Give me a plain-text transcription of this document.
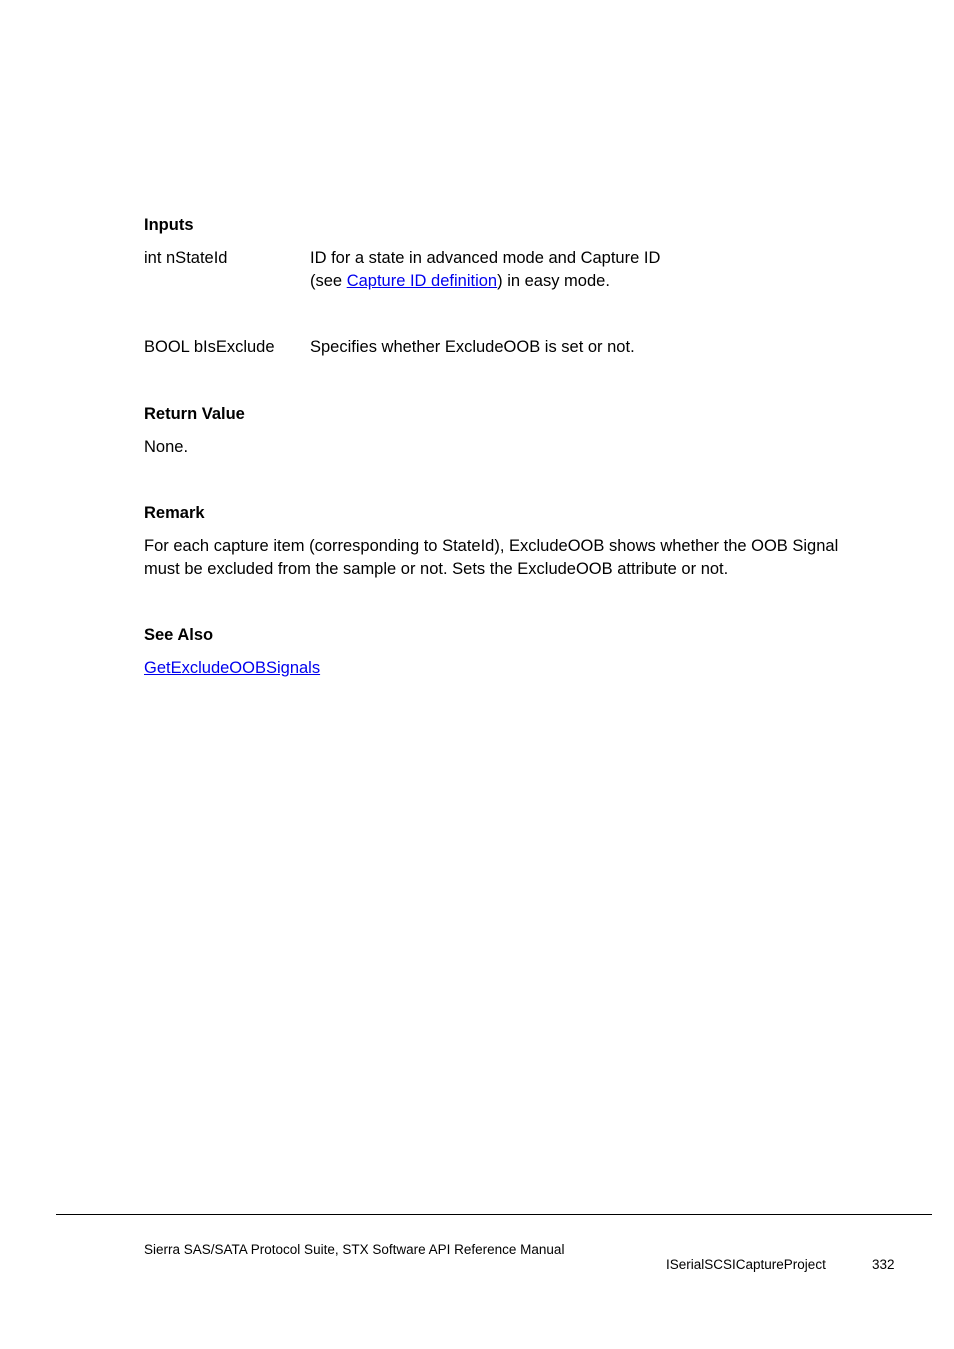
Inputs
int nStateId	ID for a state in advanced mode and Capture ID
(see Capture ID definition) in easy mode.
BOOL bIsExclude Specifies whether ExcludeOOB is set or not.
Return Value
None.
Remark
For each capture item (corresponding to StateId), ExcludeOOB shows whether the OOB Signal
must be excluded from the sample or not. Sets the ExcludeOOB attribute or not.
See Also
GetExcludeOOBSignals
Sierra SAS/SATA Protocol Suite, STX Software API Reference Manual
ISerialSCSICaptureProject	332
